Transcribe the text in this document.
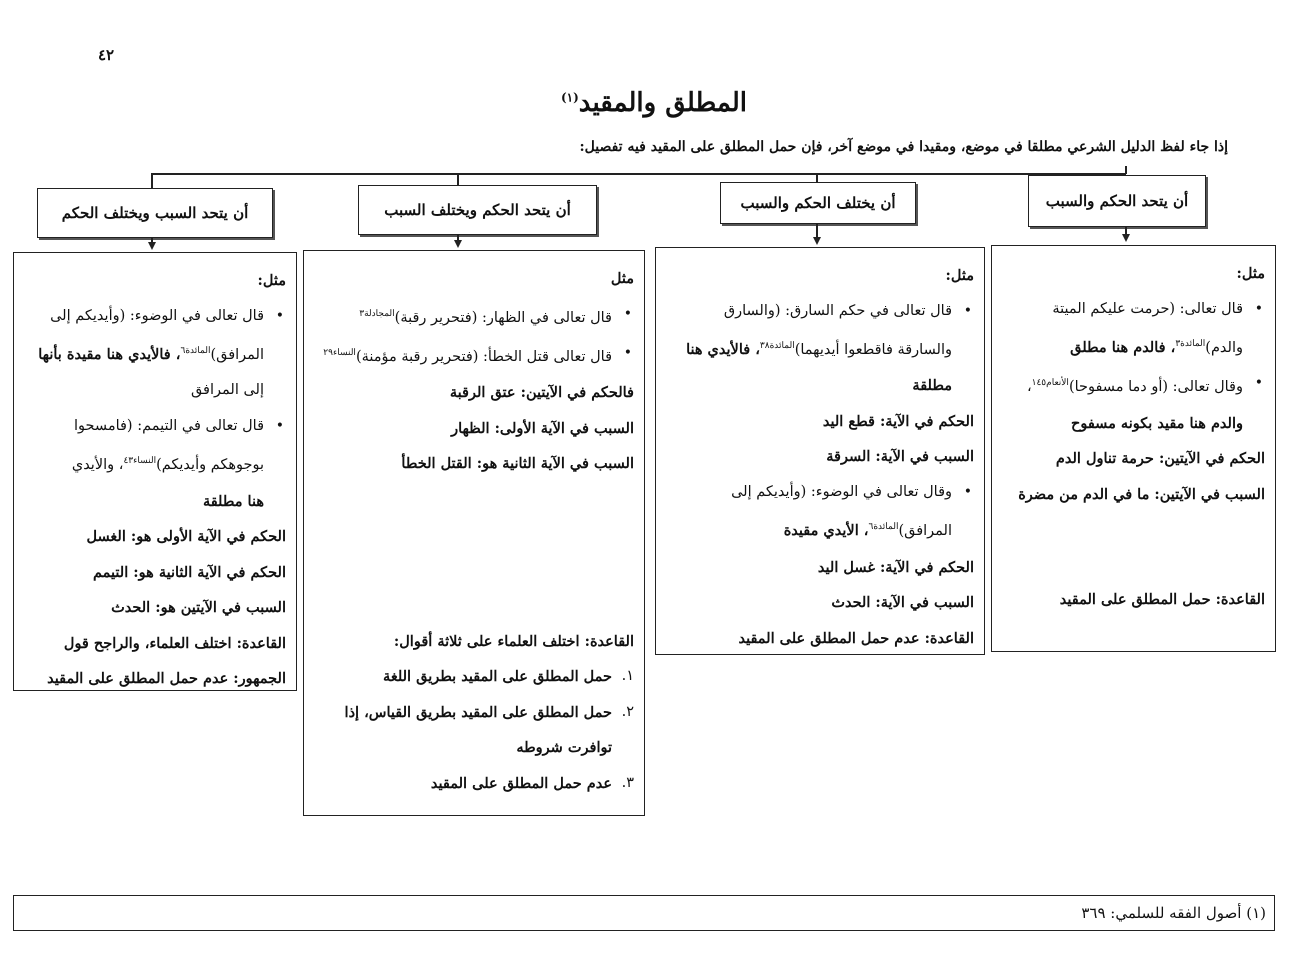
٤٢
المطلق والمقيد$^{(١)}$
إذا جاء لفظ الدليل الشرعي مطلقا في موضع، ومقيدا في موضع آخر، فإن حمل المطلق على المقيد فيه تفصيل:
أن يتحد الحكم والسبب
أن يختلف الحكم والسبب
أن يتحد الحكم ويختلف السبب
أن يتحد السبب ويختلف الحكم
مثل:
• قال تعالى: (حرمت عليكم الميتة
والدم)$^{المائدة٣}$، فالدم هنا مطلق
• وقال تعالى: (أو دما مسفوحا)$^{الأنعام١٤٥}$،
والدم هنا مقيد بكونه مسفوح
الحكم في الآيتين: حرمة تناول الدم
السبب في الآيتين: ما في الدم من مضرة
القاعدة: حمل المطلق على المقيد
مثل:
• قال تعالى في حكم السارق: (والسارق
والسارقة فاقطعوا أيديهما)$^{المائدة٣٨}$، فالأيدي هنا
مطلقة
الحكم في الآية: قطع اليد
السبب في الآية: السرقة
• وقال تعالى في الوضوء: (وأيديكم إلى
المرافق)$^{المائدة٦}$، الأيدي مقيدة
الحكم في الآية: غسل اليد
السبب في الآية: الحدث
القاعدة: عدم حمل المطلق على المقيد
مثل
• قال تعالى في الظهار: (فتحرير رقبة)$^{المجادلة٣}$
• قال تعالى قتل الخطأ: (فتحرير رقبة مؤمنة)$^{النساء٢٩}$
فالحكم في الآيتين: عتق الرقبة
السبب في الآية الأولى: الظهار
السبب في الآية الثانية هو: القتل الخطأ
القاعدة: اختلف العلماء على ثلاثة أقوال:
١.
حمل المطلق على المقيد بطريق اللغة
٢.
حمل المطلق على المقيد بطريق القياس، إذا
توافرت شروطه
٣.
عدم حمل المطلق على المقيد
مثل:
• قال تعالى في الوضوء: (وأيديكم إلى
المرافق)$^{المائدة٦}$، فالأيدي هنا مقيدة بأنها
إلى المرافق
• قال تعالى في التيمم: (فامسحوا
بوجوهكم وأيديكم)$^{النساء٤٣}$، والأيدي
هنا مطلقة
الحكم في الآية الأولى هو: الغسل
الحكم في الآية الثانية هو: التيمم
السبب في الآيتين هو: الحدث
القاعدة: اختلف العلماء، والراجح قول
الجمهور: عدم حمل المطلق على المقيد
(١) أصول الفقه للسلمي: ٣٦٩
